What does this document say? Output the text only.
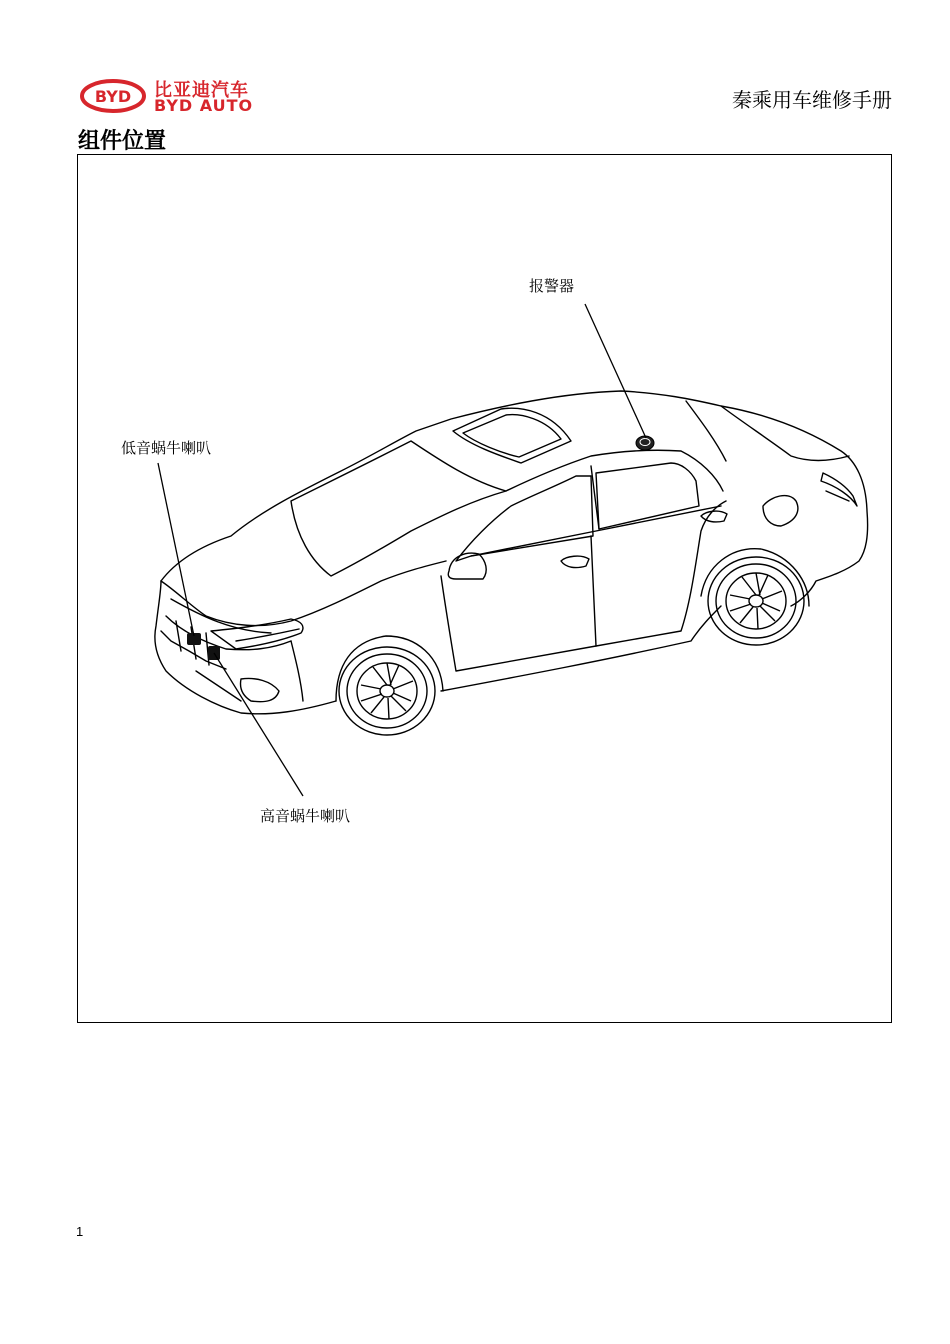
BYD 比亚迪汽车
BYD AUTO	秦乘用车维修手册
组件位置
报警器
低音蜗牛喇叭
高音蜗牛喇叭
1
